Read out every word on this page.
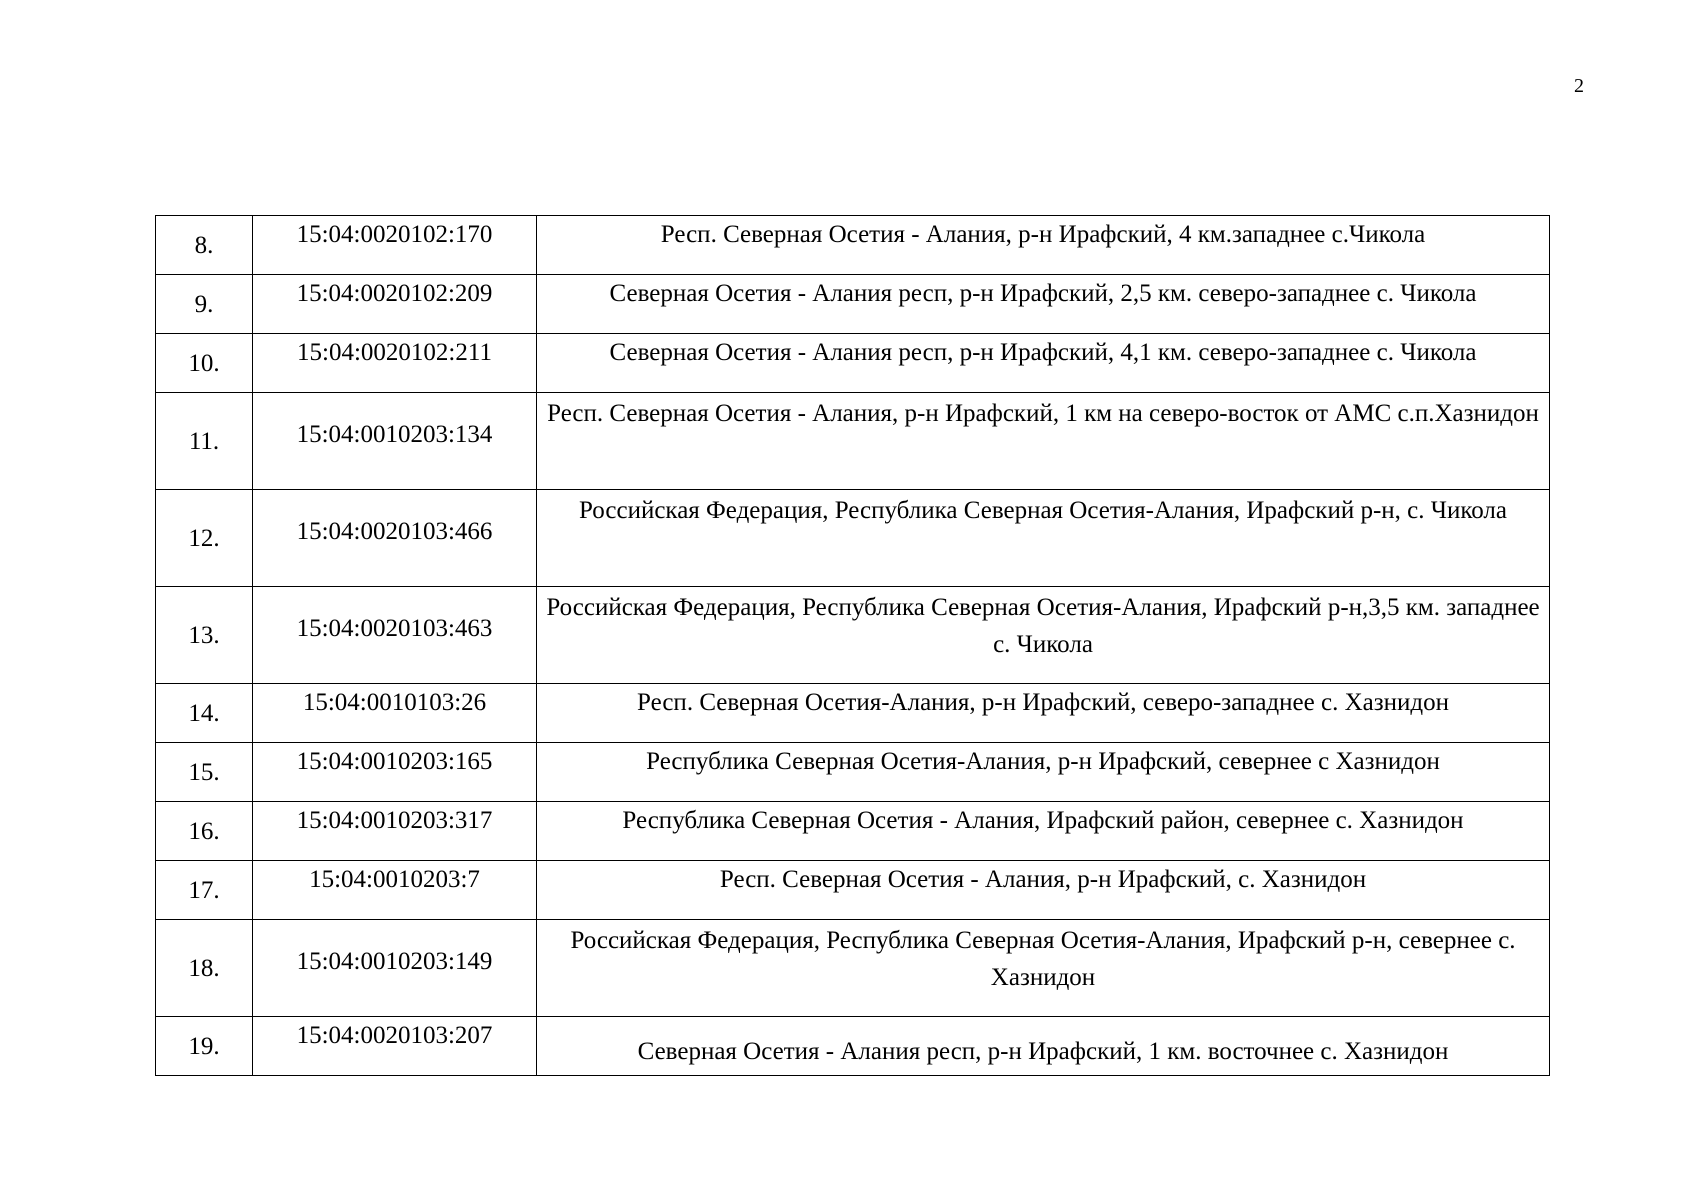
2
8.	15:04:0020102:170	Респ. Северная Осетия - Алания, р-н Ирафский, 4 км.западнее с.Чикола
9.	15:04:0020102:209	Северная Осетия - Алания респ, р-н Ирафский, 2,5 км. северо-западнее с. Чикола
10.	15:04:0020102:211	Северная Осетия - Алания респ, р-н Ирафский, 4,1 км. северо-западнее с. Чикола
11.	15:04:0010203:134	Респ. Северная Осетия - Алания, р-н Ирафский, 1 км на северо-восток от АМС с.п.Хазнидон
12.	15:04:0020103:466	Российская Федерация, Республика Северная Осетия-Алания, Ирафский р-н, с. Чикола
13.	15:04:0020103:463	Российская Федерация, Республика Северная Осетия-Алания, Ирафский р-н,3,5 км. западнее с. Чикола
14.	15:04:0010103:26	Респ. Северная Осетия-Алания, р-н Ирафский, северо-западнее с. Хазнидон
15.	15:04:0010203:165	Республика Северная Осетия-Алания, р-н Ирафский, севернее с Хазнидон
16.	15:04:0010203:317	Республика Северная Осетия - Алания, Ирафский район, севернее с. Хазнидон
17.	15:04:0010203:7	Респ. Северная Осетия - Алания, р-н Ирафский, с. Хазнидон
18.	15:04:0010203:149	Российская Федерация, Республика Северная Осетия-Алания, Ирафский р-н, севернее с. Хазнидон
19.	15:04:0020103:207	Северная Осетия - Алания респ, р-н Ирафский, 1 км. восточнее с. Хазнидон
